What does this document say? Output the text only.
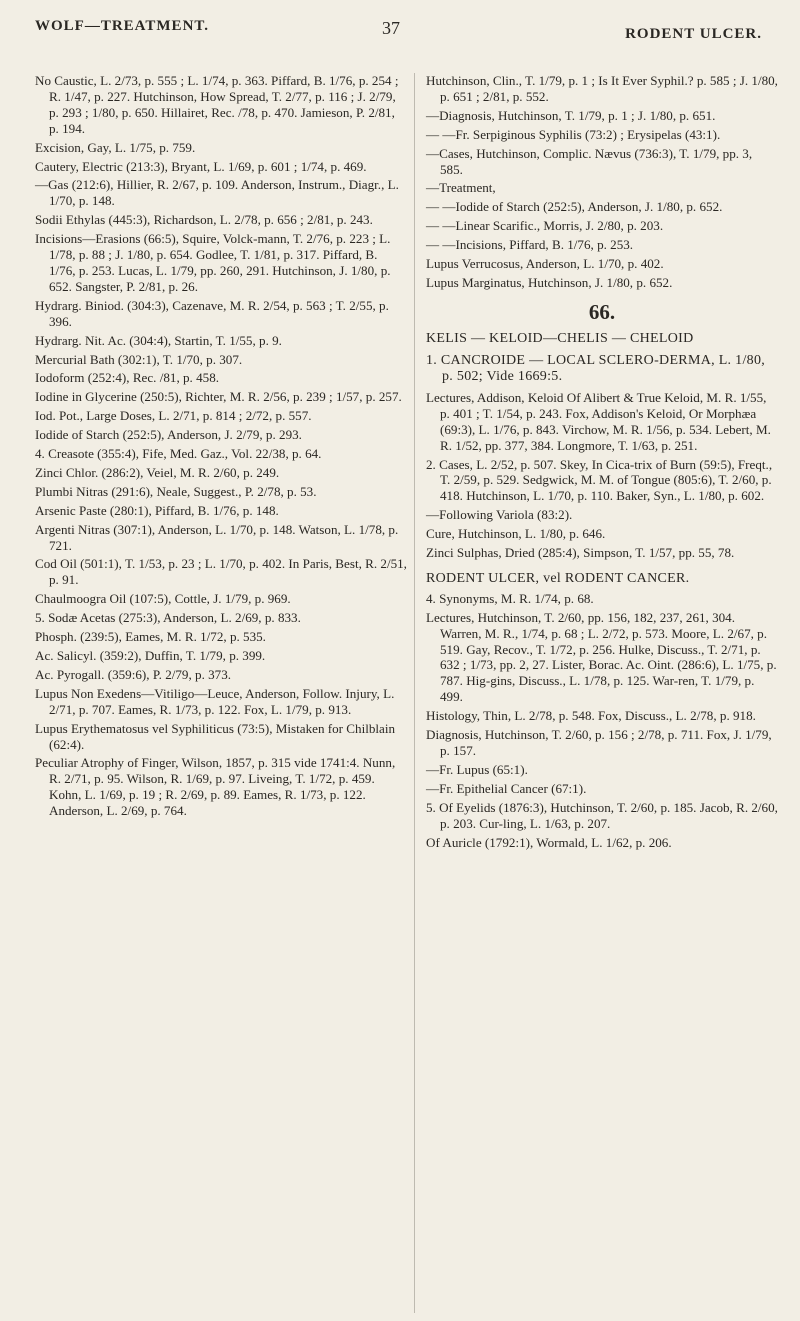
WOLF—TREATMENT.	37	RODENT ULCER.

No Caustic, L. 2/73, p. 555 ; L. 1/74, p. 363. Piffard, B. 1/76, p. 254 ; R. 1/47, p. 227. Hutchinson, How Spread, T. 2/77, p. 116 ; J. 2/79, p. 293 ; 1/80, p. 650. Hillairet, Rec. /78, p. 470. Jamieson, P. 2/81, p. 194.

Excision, Gay, L. 1/75, p. 759.

Cautery, Electric (213:3), Bryant, L. 1/69, p. 601 ; 1/74, p. 469.

—Gas (212:6), Hillier, R. 2/67, p. 109. Anderson, Instrum., Diagr., L. 1/70, p. 148.

Sodii Ethylas (445:3), Richardson, L. 2/78, p. 656 ; 2/81, p. 243.

Incisions—Erasions (66:5), Squire, Volck-mann, T. 2/76, p. 223 ; L. 1/78, p. 88 ; J. 1/80, p. 654. Godlee, T. 1/81, p. 317. Piffard, B. 1/76, p. 253. Lucas, L. 1/79, pp. 260, 291. Hutchinson, J. 1/80, p. 652. Sangster, P. 2/81, p. 26.

Hydrarg. Biniod. (304:3), Cazenave, M. R. 2/54, p. 563 ; T. 2/55, p. 396.

Hydrarg. Nit. Ac. (304:4), Startin, T. 1/55, p. 9.

Mercurial Bath (302:1), T. 1/70, p. 307.

Iodoform (252:4), Rec. /81, p. 458.

Iodine in Glycerine (250:5), Richter, M. R. 2/56, p. 239 ; 1/57, p. 257.

Iod. Pot., Large Doses, L. 2/71, p. 814 ; 2/72, p. 557.

Iodide of Starch (252:5), Anderson, J. 2/79, p. 293.

4. Creasote (355:4), Fife, Med. Gaz., Vol. 22/38, p. 64.

Zinci Chlor. (286:2), Veiel, M. R. 2/60, p. 249.

Plumbi Nitras (291:6), Neale, Suggest., P. 2/78, p. 53.

Arsenic Paste (280:1), Piffard, B. 1/76, p. 148.

Argenti Nitras (307:1), Anderson, L. 1/70, p. 148. Watson, L. 1/78, p. 721.

Cod Oil (501:1), T. 1/53, p. 23 ; L. 1/70, p. 402. In Paris, Best, R. 2/51, p. 91.

Chaulmoogra Oil (107:5), Cottle, J. 1/79, p. 969.

5. Sodæ Acetas (275:3), Anderson, L. 2/69, p. 833.

Phosph. (239:5), Eames, M. R. 1/72, p. 535.

Ac. Salicyl. (359:2), Duffin, T. 1/79, p. 399.

Ac. Pyrogall. (359:6), P. 2/79, p. 373.

Lupus Non Exedens—Vitiligo—Leuce, Anderson, Follow. Injury, L. 2/71, p. 707. Eames, R. 1/73, p. 122. Fox, L. 1/79, p. 913.

Lupus Erythematosus vel Syphiliticus (73:5), Mistaken for Chilblain (62:4).

Peculiar Atrophy of Finger, Wilson, 1857, p. 315 vide 1741:4. Nunn, R. 2/71, p. 95. Wilson, R. 1/69, p. 97. Liveing, T. 1/72, p. 459. Kohn, L. 1/69, p. 19 ; R. 2/69, p. 89. Eames, R. 1/73, p. 122. Anderson, L. 2/69, p. 764.

Hutchinson, Clin., T. 1/79, p. 1 ; Is It Ever Syphil.? p. 585 ; J. 1/80, p. 651 ; 2/81, p. 552.

—Diagnosis, Hutchinson, T. 1/79, p. 1 ; J. 1/80, p. 651.

— —Fr. Serpiginous Syphilis (73:2) ; Erysipelas (43:1).

—Cases, Hutchinson, Complic. Nævus (736:3), T. 1/79, pp. 3, 585.

—Treatment,

— —Iodide of Starch (252:5), Anderson, J. 1/80, p. 652.

— —Linear Scarific., Morris, J. 2/80, p. 203.

— —Incisions, Piffard, B. 1/76, p. 253.

Lupus Verrucosus, Anderson, L. 1/70, p. 402.

Lupus Marginatus, Hutchinson, J. 1/80, p. 652.

66.
KELIS — KELOID—CHELIS — CHELOID
1. CANCROIDE — LOCAL SCLERO-DERMA, L. 1/80, p. 502; Vide 1669:5.

Lectures, Addison, Keloid Of Alibert & True Keloid, M. R. 1/55, p. 401 ; T. 1/54, p. 243. Fox, Addison's Keloid, Or Morphæa (69:3), L. 1/76, p. 843. Virchow, M. R. 1/56, p. 534. Lebert, M. R. 1/52, pp. 377, 384. Longmore, T. 1/63, p. 251.

2. Cases, L. 2/52, p. 507. Skey, In Cica-trix of Burn (59:5), Freqt., T. 2/59, p. 529. Sedgwick, M. M. of Tongue (805:6), T. 2/60, p. 418. Hutchinson, L. 1/70, p. 110. Baker, Syn., L. 1/80, p. 602.

—Following Variola (83:2).

Cure, Hutchinson, L. 1/80, p. 646.

Zinci Sulphas, Dried (285:4), Simpson, T. 1/57, pp. 55, 78.

RODENT ULCER, vel RODENT CANCER.

4. Synonyms, M. R. 1/74, p. 68.

Lectures, Hutchinson, T. 2/60, pp. 156, 182, 237, 261, 304. Warren, M. R., 1/74, p. 68 ; L. 2/72, p. 573. Moore, L. 2/67, p. 519. Gay, Recov., T. 1/72, p. 256. Hulke, Discuss., T. 2/71, p. 632 ; 1/73, pp. 2, 27. Lister, Borac. Ac. Oint. (286:6), L. 1/75, p. 787. Hig-gins, Discuss., L. 1/78, p. 125. War-ren, T. 1/79, p. 499.

Histology, Thin, L. 2/78, p. 548. Fox, Discuss., L. 2/78, p. 918.

Diagnosis, Hutchinson, T. 2/60, p. 156 ; 2/78, p. 711. Fox, J. 1/79, p. 157.

—Fr. Lupus (65:1).

—Fr. Epithelial Cancer (67:1).

5. Of Eyelids (1876:3), Hutchinson, T. 2/60, p. 185. Jacob, R. 2/60, p. 203. Cur-ling, L. 1/63, p. 207.

Of Auricle (1792:1), Wormald, L. 1/62, p. 206.
